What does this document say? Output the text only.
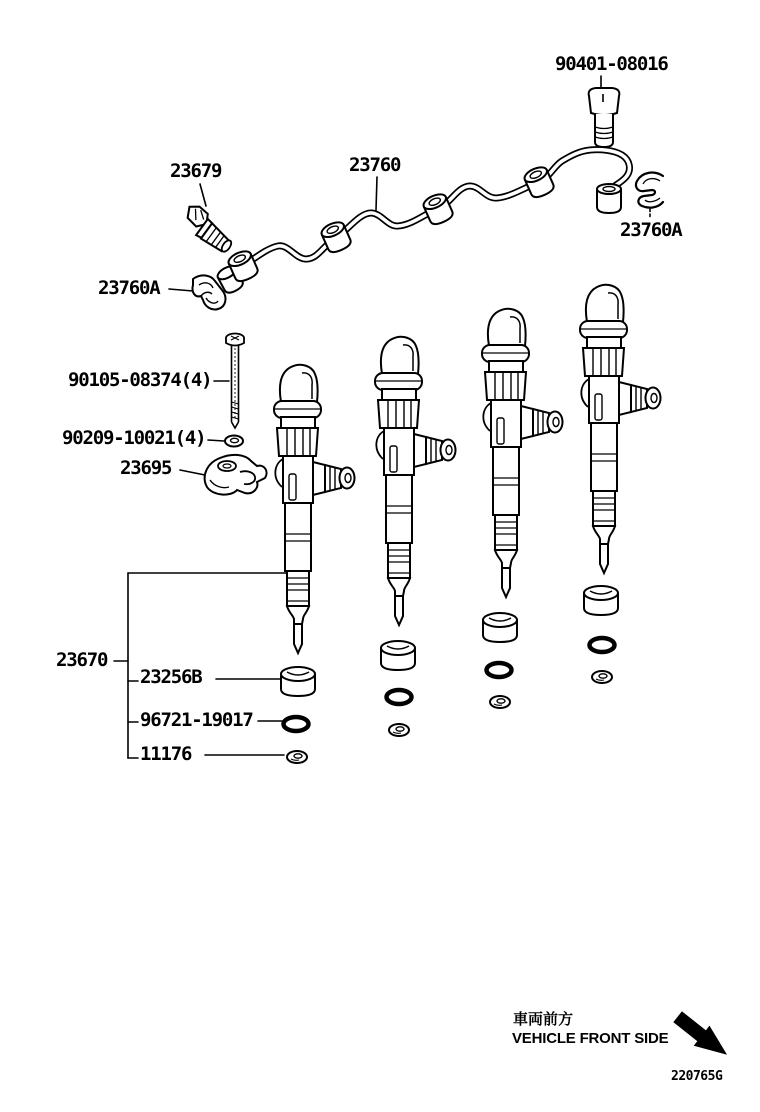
90401-08016
23679	23760
23760A
23760A
90105-08374(4)
90209-10021(4)
23695
23670
23256B
96721-19017
11176
車両前方
VEHICLE FRONT SIDE
220765G
